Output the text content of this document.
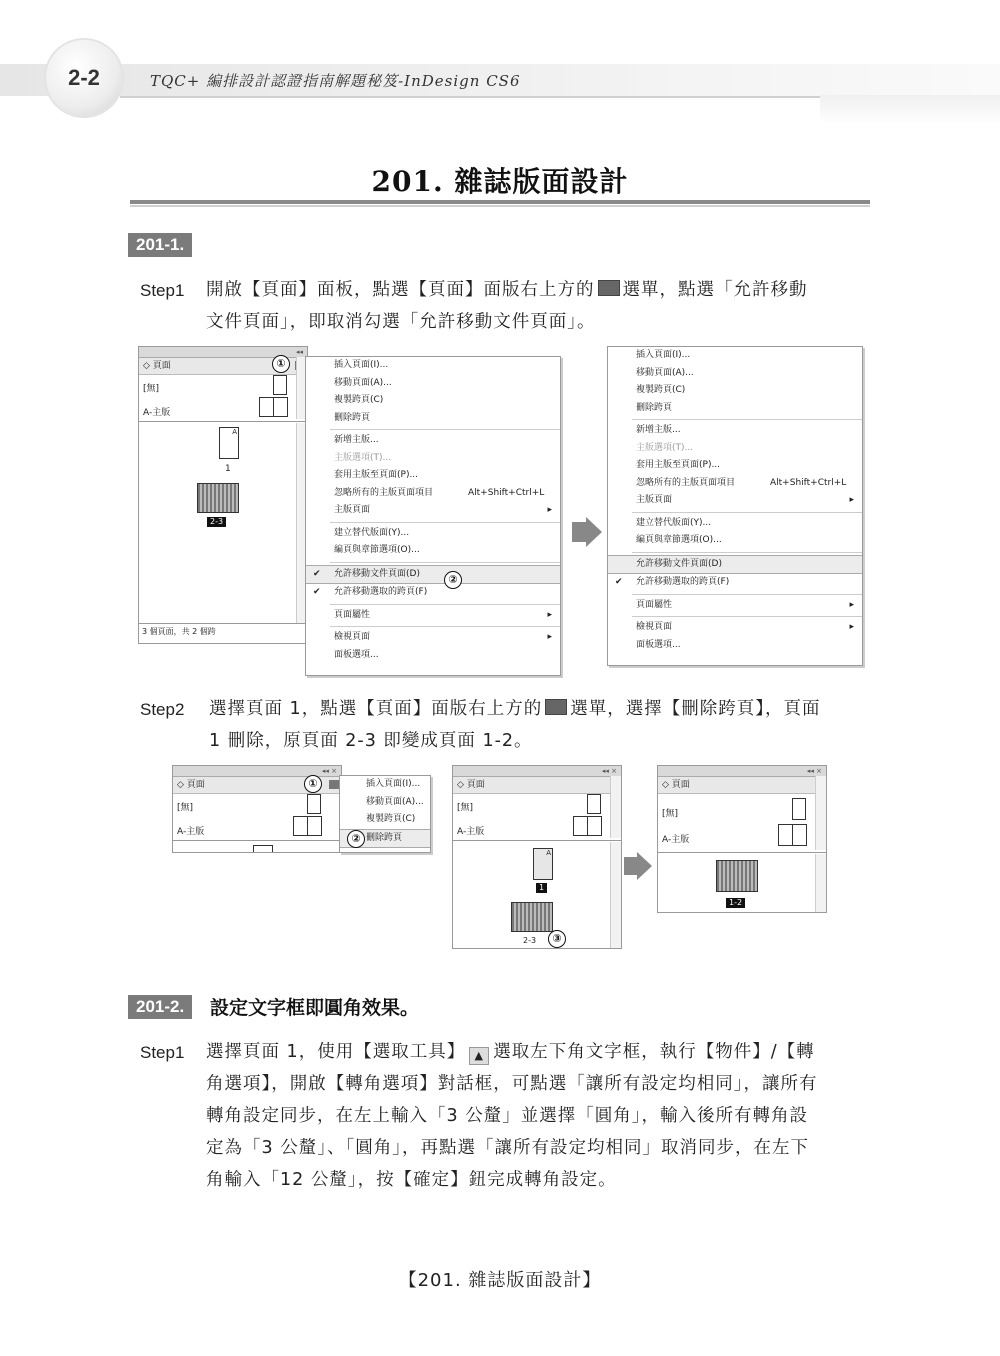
2-2	TQC+ 編排設計認證指南解題秘笈-InDesign CS6
201. 雜誌版面設計
201-1.
Step1 開啟【頁面】面板，點選【頁面】面版右上方的 選單，點選「允許移動
文件頁面」，即取消勾選「允許移動文件頁面」。
◂◂
◇ 頁面
[無]
A-主版
A
1
2-3
3 個頁面，共 2 個跨
①	插入頁面(I)...
移動頁面(A)...
複製跨頁(C)
刪除跨頁
新增主版...
主版選項(T)...
套用主版至頁面(P)...
忽略所有的主版頁面項目	Alt+Shift+Ctrl+L
主版頁面	▸
建立替代版面(Y)...
編頁與章節選項(O)...
✔ 允許移動文件頁面(D)
✔ 允許移動選取的跨頁(F)
頁面屬性	▸
檢視頁面	▸
面板選項...
②
插入頁面(I)...
移動頁面(A)...
複製跨頁(C)
刪除跨頁
新增主版...
主版選項(T)...
套用主版至頁面(P)...
忽略所有的主版頁面項目	Alt+Shift+Ctrl+L
主版頁面	▸
建立替代版面(Y)...
編頁與章節選項(O)...
允許移動文件頁面(D)
✔ 允許移動選取的跨頁(F)
頁面屬性	▸
檢視頁面	▸
面板選項...
Step2 選擇頁面 1，點選【頁面】面版右上方的 選單，選擇【刪除跨頁】，頁面
1 刪除，原頁面 2-3 即變成頁面 1-2。
◂◂ ×
◇ 頁面
[無]
A-主版
①	插入頁面(I)...
移動頁面(A)...
複製跨頁(C)
刪除跨頁
②
◂◂ ×
◇ 頁面
[無]
A-主版
A
1
2-3	③
◂◂ ×
◇ 頁面
[無]
A-主版
1-2
201-2.	設定文字框即圓角效果。
Step1 選擇頁面 1，使用【選取工具】 ▲ 選取左下角文字框，執行【物件】/【轉
角選項】，開啟【轉角選項】對話框，可點選「讓所有設定均相同」，讓所有
轉角設定同步，在左上輸入「3 公釐」並選擇「圓角」，輸入後所有轉角設
定為「3 公釐」、「圓角」，再點選「讓所有設定均相同」取消同步，在左下
角輸入「12 公釐」，按【確定】鈕完成轉角設定。
【201. 雜誌版面設計】
